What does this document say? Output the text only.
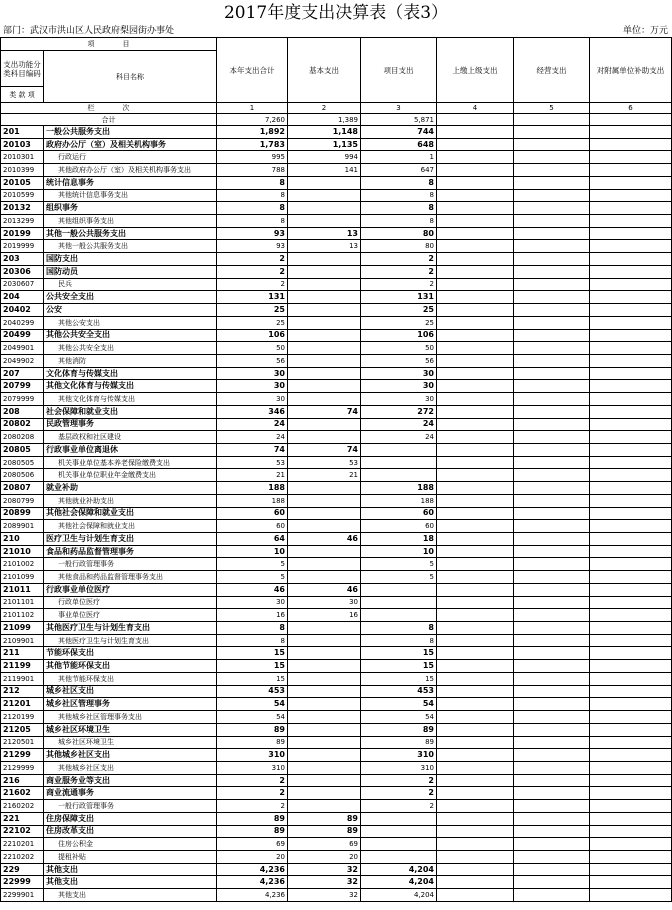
2017年度支出决算表（表3）
部门：武汉市洪山区人民政府梨园街办事处	单位：万元
项　　　　目		本年支出合计	基本支出	项目支出	上缴上级支出	经营支出	对附属单位补助支出
支出功能分类科目编码	科目名称						
类 款 项							
栏　　　　次		1	2	3	4	5	6
合计		7,260	1,389	5,871			
201	一般公共服务支出	1,892	1,148	744			
20103	政府办公厅（室）及相关机构事务	1,783	1,135	648			
2010301	行政运行	995	994	1			
2010399	其他政府办公厅（室）及相关机构事务支出	788	141	647			
20105	统计信息事务	8		8			
2010599	其他统计信息事务支出	8		8			
20132	组织事务	8		8			
2013299	其他组织事务支出	8		8			
20199	其他一般公共服务支出	93	13	80			
2019999	其他一般公共服务支出	93	13	80			
203	国防支出	2		2			
20306	国防动员	2		2			
2030607	民兵	2		2			
204	公共安全支出	131		131			
20402	公安	25		25			
2040299	其他公安支出	25		25			
20499	其他公共安全支出	106		106			
2049901	其他公共安全支出	50		50			
2049902	其他消防	56		56			
207	文化体育与传媒支出	30		30			
20799	其他文化体育与传媒支出	30		30			
2079999	其他文化体育与传媒支出	30		30			
208	社会保障和就业支出	346	74	272			
20802	民政管理事务	24		24			
2080208	基层政权和社区建设	24		24			
20805	行政事业单位离退休	74	74				
2080505	机关事业单位基本养老保险缴费支出	53	53				
2080506	机关事业单位职业年金缴费支出	21	21				
20807	就业补助	188		188			
2080799	其他就业补助支出	188		188			
20899	其他社会保障和就业支出	60		60			
2089901	其他社会保障和就业支出	60		60			
210	医疗卫生与计划生育支出	64	46	18			
21010	食品和药品监督管理事务	10		10			
2101002	一般行政管理事务	5		5			
2101099	其他食品和药品监督管理事务支出	5		5			
21011	行政事业单位医疗	46	46				
2101101	行政单位医疗	30	30				
2101102	事业单位医疗	16	16				
21099	其他医疗卫生与计划生育支出	8		8			
2109901	其他医疗卫生与计划生育支出	8		8			
211	节能环保支出	15		15			
21199	其他节能环保支出	15		15			
2119901	其他节能环保支出	15		15			
212	城乡社区支出	453		453			
21201	城乡社区管理事务	54		54			
2120199	其他城乡社区管理事务支出	54		54			
21205	城乡社区环境卫生	89		89			
2120501	城乡社区环境卫生	89		89			
21299	其他城乡社区支出	310		310			
2129999	其他城乡社区支出	310		310			
216	商业服务业等支出	2		2			
21602	商业流通事务	2		2			
2160202	一般行政管理事务	2		2			
221	住房保障支出	89	89				
22102	住房改革支出	89	89				
2210201	住房公积金	69	69				
2210202	提租补贴	20	20				
229	其他支出	4,236	32	4,204			
22999	其他支出	4,236	32	4,204			
2299901	其他支出	4,236	32	4,204			
